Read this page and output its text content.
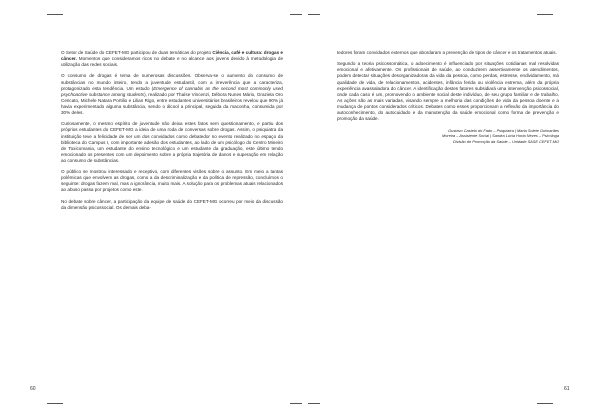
O Setor de Saúde do CEFET-MG participou de duas temáticas do projeto Ciência, café e cultura: drogas e câncer. Momentos que consideramos ricos no debate e no alcance aos jovens devido à metodologia de utilização das redes sociais.

O consumo de drogas é tema de numerosas discussões. Observa-se o aumento do consumo de substâncias no mundo inteiro, tendo a juventude estudantil, com a irreverência que a caracteriza, protagonizado esta tendência. Um estudo (Emergence of cannabis as the second most commonly used psychoactive substance among students), realizado por Thaíse Vincenzi, Débora Nunes Mário, Graziela Oro Cericato, Michele Natara Portilio e Lilian Rigo, entre estudantes universitários brasileiros revelou que 90% já havia experimentado alguma substância, sendo o álcool a principal, seguida da maconha, consumida por 30% deles.

Curiosamente, o mesmo espírito de juventude não deixa estes fatos sem questionamento, e partiu dos próprios estudantes do CEFET-MG a ideia de uma roda de conversas sobre drogas. Assim, o psiquiatra da instituição teve a felicidade de ser um dos convidados como debatedor no evento realizado no espaço da biblioteca do Campus I, com importante adesão dos estudantes, ao lado de um psicólogo do Centro Mineiro de Toxicomania, um estudante do ensino tecnológico e um estudante da graduação, este último tendo emocionado os presentes com um depoimento sobre a própria trajetória de danos e superação em relação ao consumo de substâncias.

O público se mostrou interessado e receptivo, com diferentes visões sobre o assunto. Em meio a tantas polêmicas que envolvem as drogas, como a da descriminalização e da política de repressão, concluímos o seguinte: drogas fazem mal, mas a ignorância, muito mais. A solução para os problemas atuais relacionados ao abuso passa por projetos como este.

No debate sobre câncer, a participação da equipe de saúde do CEFET-MG ocorreu por meio da discussão da dimensão psicossocial. Os demais deba-

tedores foram convidados externos que abordaram a prevenção de tipos de câncer e os tratamentos atuais.

Segundo a teoria psicossomática, o adoecimento é influenciado por situações cotidianas mal resolvidas emocional e afetivamente. Os profissionais de saúde, ao conduzirem assertivamente os atendimentos, podem detectar situações desorganizadoras da vida da pessoa, como perdas, estresse, endividamento, má qualidade de vida, de relacionamentos, acidentes, infância ferida ou violência extrema, além da própria experiência avassaladora do câncer. A identificação destes fatores subsidiará uma intervenção psicossocial, onde cada caso é um, promovendo o ambiente social deste indivíduo, de seu grupo familiar e de trabalho. As ações são as mais variadas, visando sempre a melhoria das condições de vida da pessoa doente e a mudança de pontos considerados críticos. Debates como esses proporcionam a reflexão da importância do autoconhecimento, do autocuidado e da manutenção da saúde emocional como forma de prevenção e promoção da saúde.

Gustavo Castelo do Fado – Psiquiatra | Maria Solete Guimarães
Moreira – Assistente Social | Sandra Lúcia Horta Neves – Psicóloga
Divisão de Promoção da Saúde – Unidade SASE CEFET-MG
60	61
